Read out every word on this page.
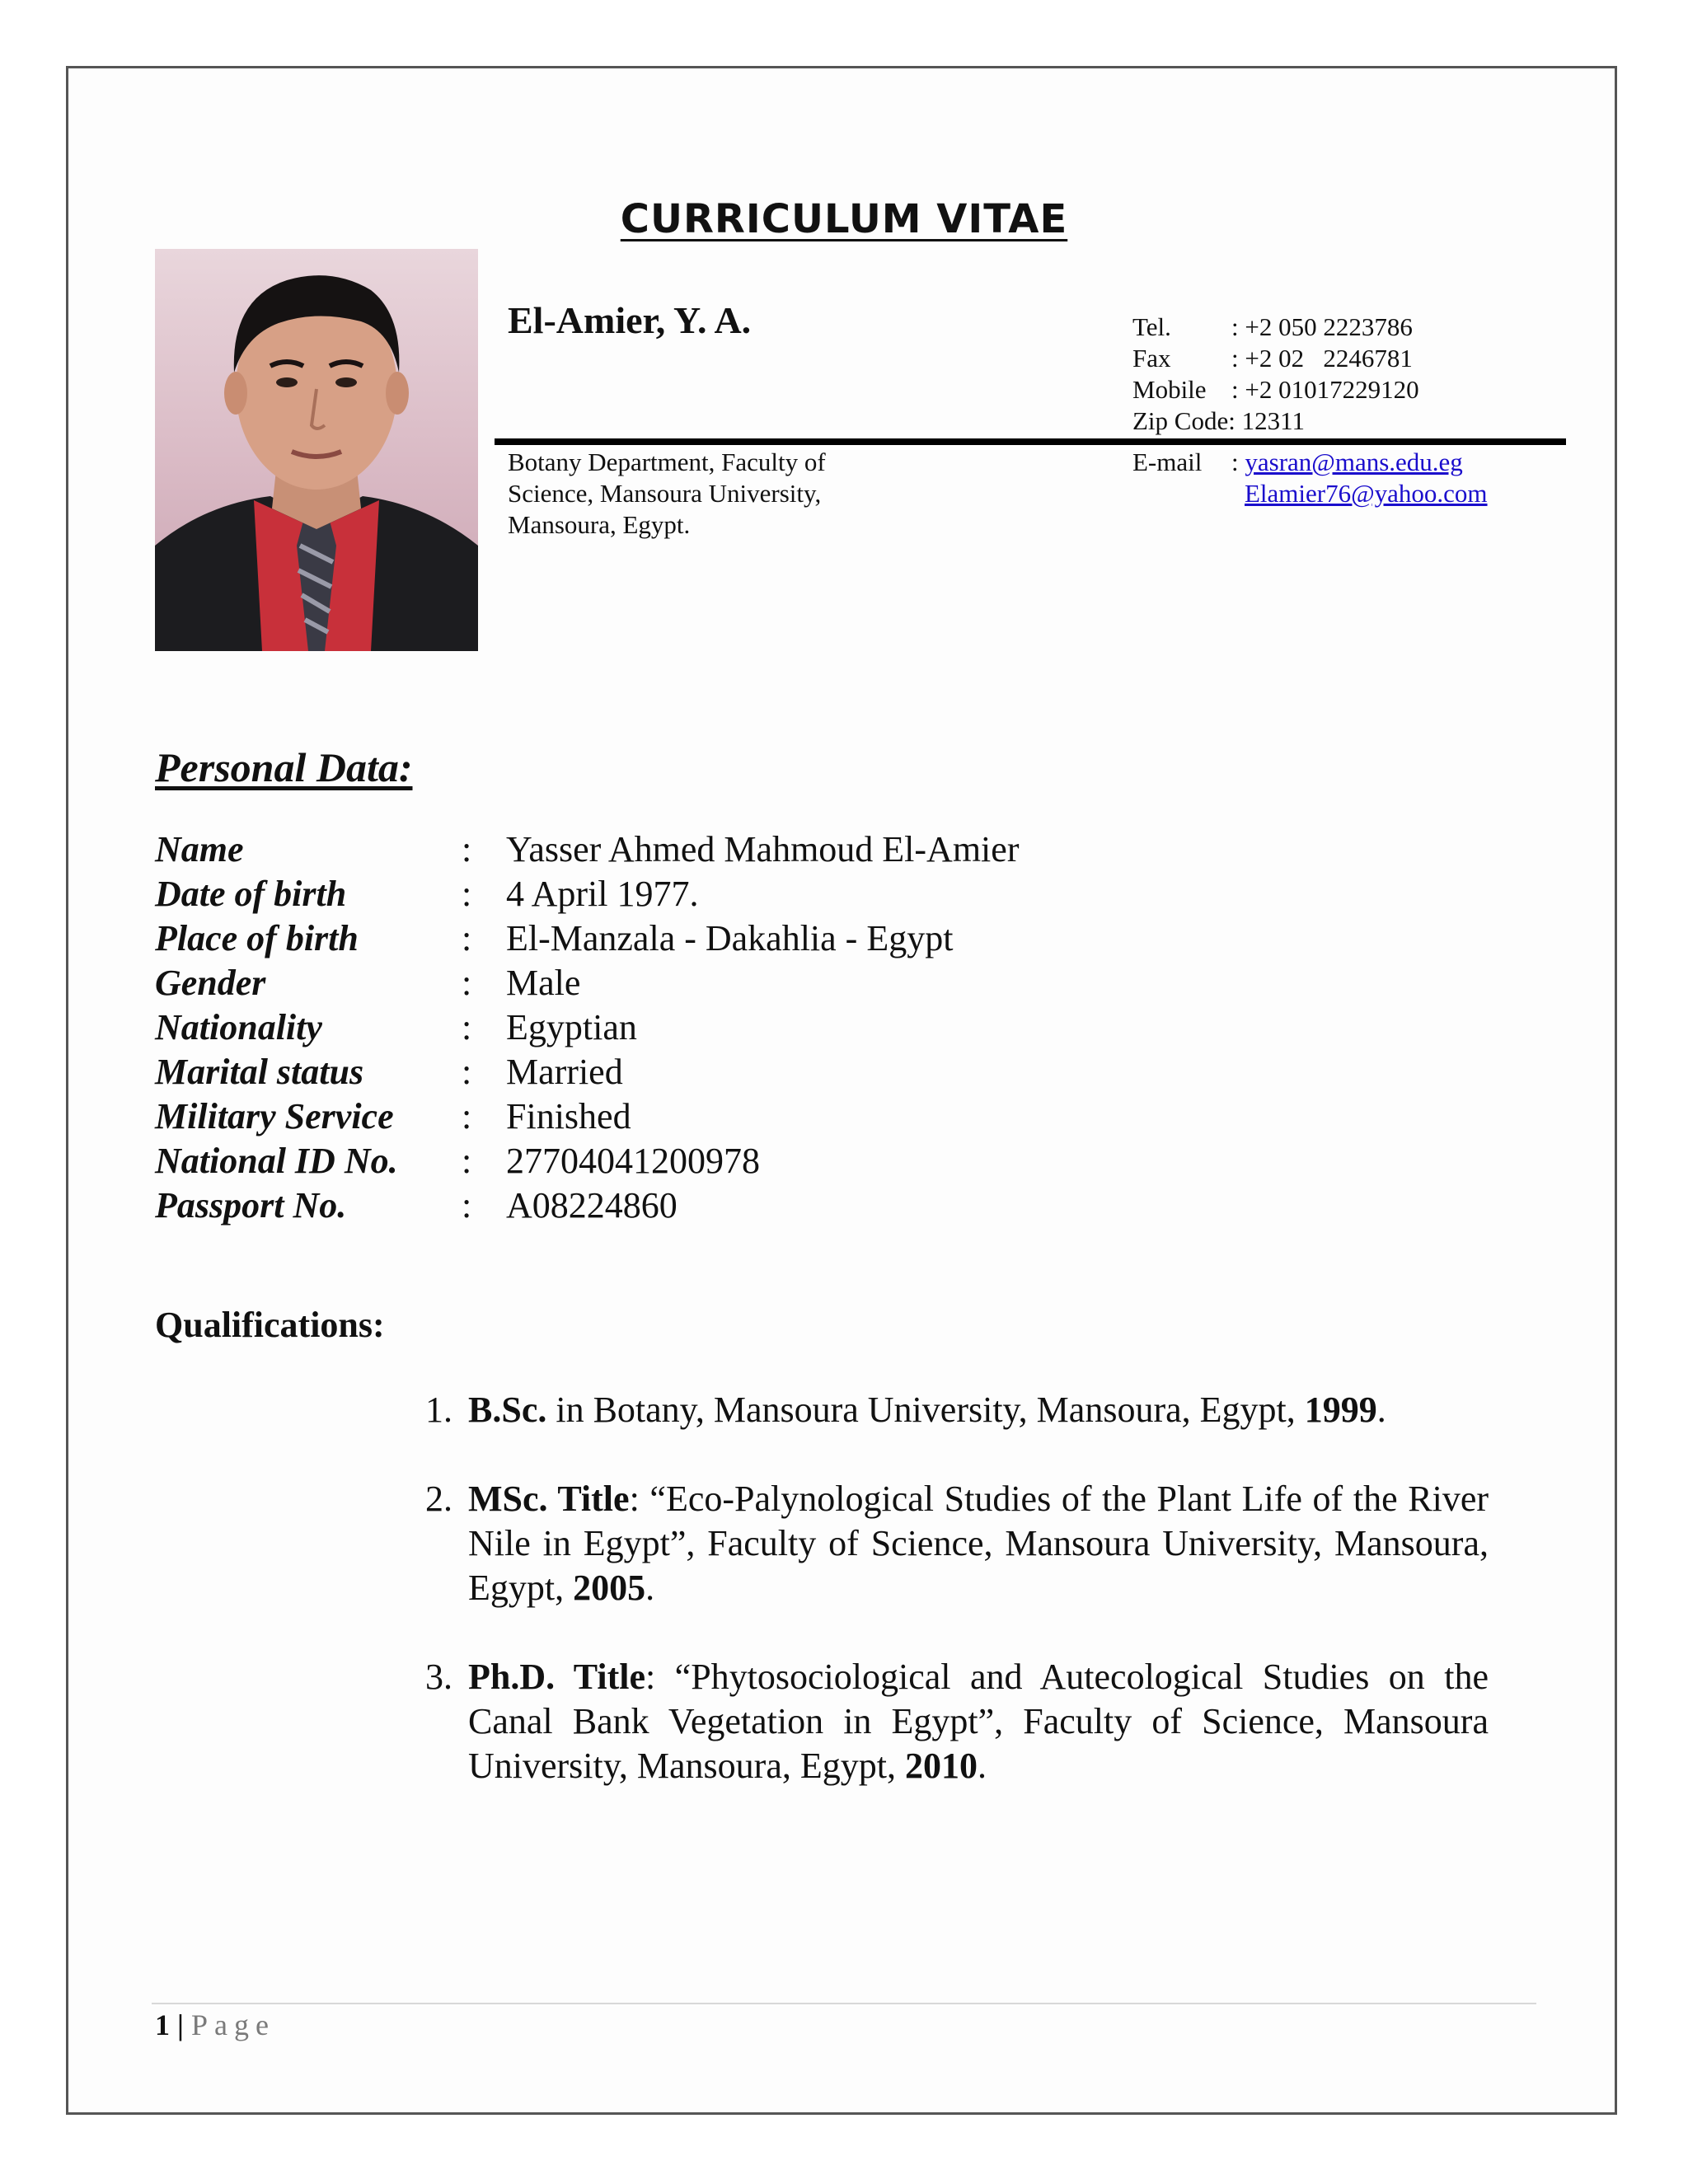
CURRICULUM VITAE
El-Amier, Y. A.	Tel. : +2 050 2223786
Fax : +2 02   2246781
Mobile : +2 01017229120
Zip Code: 12311
Botany Department, Faculty of
Science, Mansoura University,
Mansoura, Egypt.
E-mail : yasran@mans.edu.eg
Elamier76@yahoo.com
Personal Data:
Name	: Yasser Ahmed Mahmoud El-Amier
Date of birth	: 4 April 1977.
Place of birth	: El-Manzala - Dakahlia - Egypt
Gender	: Male
Nationality	: Egyptian
Marital status	: Married
Military Service	: Finished
National ID No.	: 27704041200978
Passport No.	: A08224860
Qualifications:
1. B.Sc. in Botany, Mansoura University, Mansoura, Egypt, 1999.
2. MSc. Title: “Eco-Palynological Studies of the Plant Life of the River Nile in Egypt”, Faculty of Science, Mansoura University, Mansoura, Egypt, 2005.
3. Ph.D. Title: “Phytosociological and Autecological Studies on the Canal Bank Vegetation in Egypt”, Faculty of Science, Mansoura University, Mansoura, Egypt, 2010.
1 | Page
